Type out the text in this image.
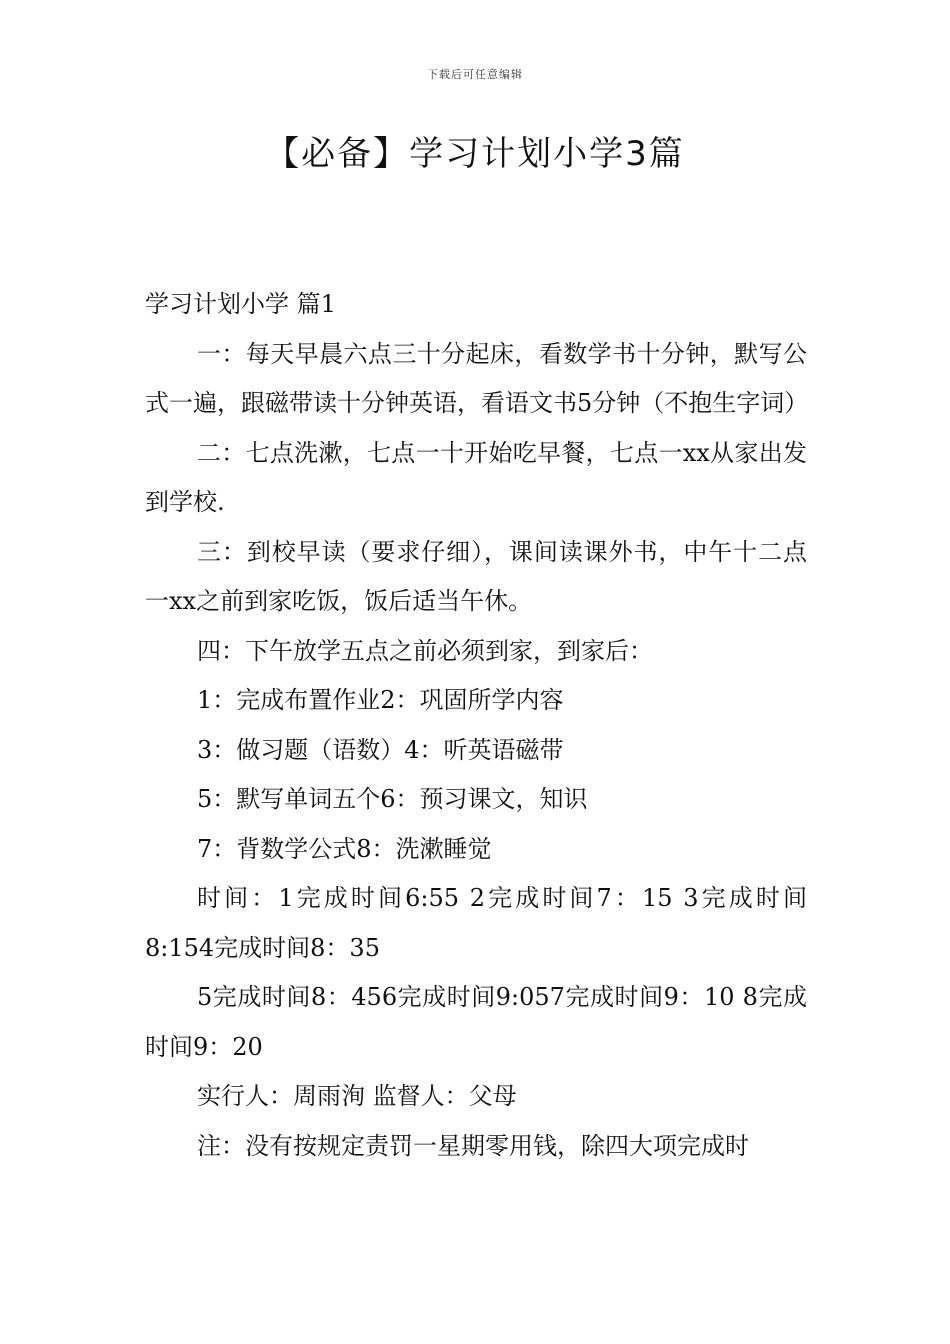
下载后可任意编辑
【必备】学习计划小学3篇

学习计划小学 篇1

一：每天早晨六点三十分起床，看数学书十分钟，默写公式一遍，跟磁带读十分钟英语，看语文书5分钟（不抱生字词）

二：七点洗漱，七点一十开始吃早餐，七点一xx从家出发到学校.

三：到校早读（要求仔细），课间读课外书，中午十二点一xx之前到家吃饭，饭后适当午休。

四：下午放学五点之前必须到家，到家后：

1：完成布置作业2：巩固所学内容

3：做习题（语数）4：听英语磁带

5：默写单词五个6：预习课文，知识

7：背数学公式8：洗漱睡觉

时间：1完成时间6:55 2完成时间7：15 3完成时间8:154完成时间8：35

5完成时间8：456完成时间9:057完成时间9：10 8完成时间9：20

实行人：周雨洵 监督人：父母

注：没有按规定责罚一星期零用钱，除四大项完成时
